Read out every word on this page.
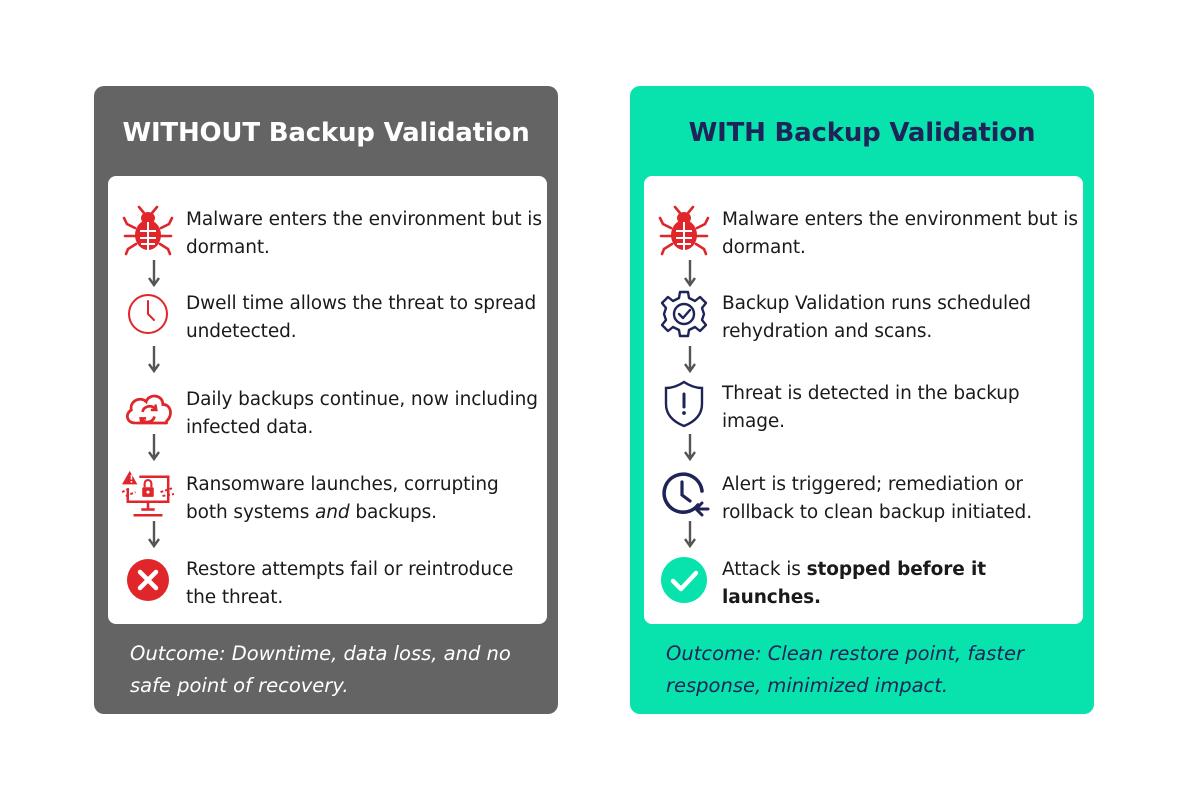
WITHOUT Backup Validation
Malware enters the environment but is dormant.
Dwell time allows the threat to spread undetected.
Daily backups continue, now including infected data.
Ransomware launches, corrupting both systems and backups.
Restore attempts fail or reintroduce the threat.

Outcome: Downtime, data loss, and no safe point of recovery.

WITH Backup Validation
Malware enters the environment but is dormant.
Backup Validation runs scheduled rehydration and scans.
Threat is detected in the backup image.
Alert is triggered; remediation or rollback to clean backup initiated.
Attack is stopped before it launches.

Outcome: Clean restore point, faster response, minimized impact.
